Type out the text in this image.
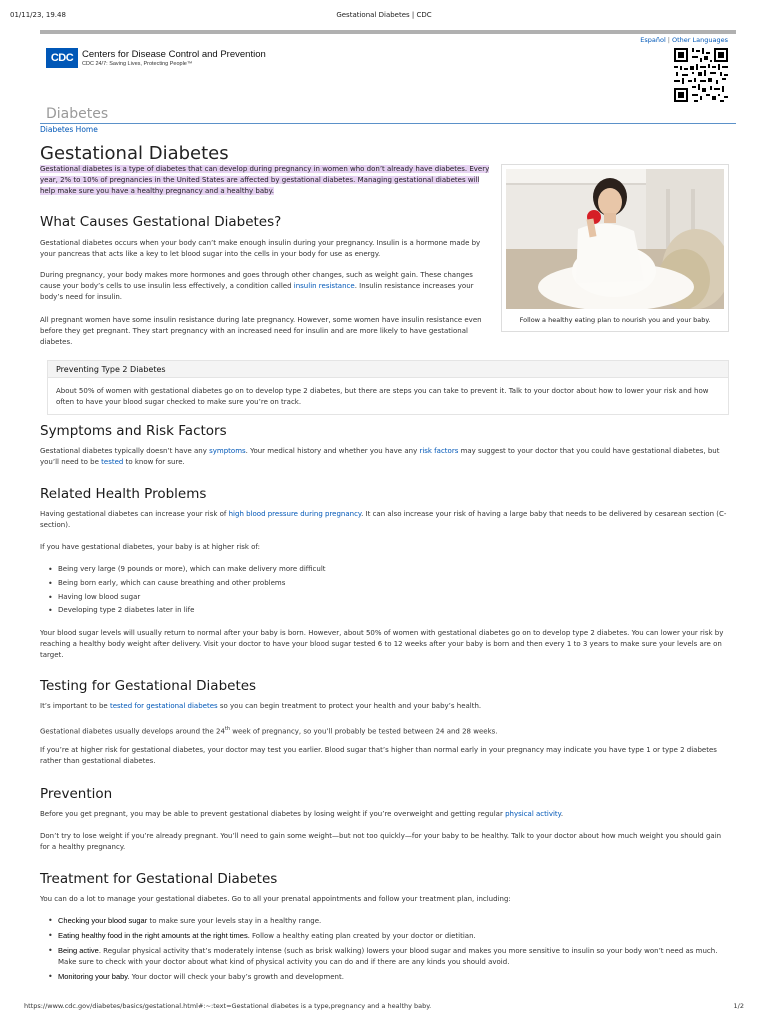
01/11/23, 19.48	Gestational Diabetes | CDC
Español | Other Languages
CDC Centers for Disease Control and Prevention
CDC 24/7: Saving Lives, Protecting People™
Diabetes
Diabetes Home
Gestational Diabetes
Gestational diabetes is a type of diabetes that can develop during pregnancy in women who don’t already have diabetes. Every year, 2% to 10% of pregnancies in the United States are affected by gestational diabetes. Managing gestational diabetes will help make sure you have a healthy pregnancy and a healthy baby.
Follow a healthy eating plan to nourish you and your baby.
What Causes Gestational Diabetes?

Gestational diabetes occurs when your body can’t make enough insulin during your pregnancy. Insulin is a hormone made by your pancreas that acts like a key to let blood sugar into the cells in your body for use as energy.

During pregnancy, your body makes more hormones and goes through other changes, such as weight gain. These changes cause your body’s cells to use insulin less effectively, a condition called insulin resistance. Insulin resistance increases your body’s need for insulin.

All pregnant women have some insulin resistance during late pregnancy. However, some women have insulin resistance even before they get pregnant. They start pregnancy with an increased need for insulin and are more likely to have gestational diabetes.

Preventing Type 2 Diabetes
About 50% of women with gestational diabetes go on to develop type 2 diabetes, but there are steps you can take to prevent it. Talk to your doctor about how to lower your risk and how often to have your blood sugar checked to make sure you’re on track.
Symptoms and Risk Factors

Gestational diabetes typically doesn’t have any symptoms. Your medical history and whether you have any risk factors may suggest to your doctor that you could have gestational diabetes, but you’ll need to be tested to know for sure.

Related Health Problems

Having gestational diabetes can increase your risk of high blood pressure during pregnancy. It can also increase your risk of having a large baby that needs to be delivered by cesarean section (C-section).

If you have gestational diabetes, your baby is at higher risk of:

• Being very large (9 pounds or more), which can make delivery more difficult
• Being born early, which can cause breathing and other problems
• Having low blood sugar
• Developing type 2 diabetes later in life

Your blood sugar levels will usually return to normal after your baby is born. However, about 50% of women with gestational diabetes go on to develop type 2 diabetes. You can lower your risk by reaching a healthy body weight after delivery. Visit your doctor to have your blood sugar tested 6 to 12 weeks after your baby is born and then every 1 to 3 years to make sure your levels are on target.

Testing for Gestational Diabetes

It’s important to be tested for gestational diabetes so you can begin treatment to protect your health and your baby’s health.

Gestational diabetes usually develops around the 24th week of pregnancy, so you’ll probably be tested between 24 and 28 weeks.

If you’re at higher risk for gestational diabetes, your doctor may test you earlier. Blood sugar that’s higher than normal early in your pregnancy may indicate you have type 1 or type 2 diabetes rather than gestational diabetes.

Prevention

Before you get pregnant, you may be able to prevent gestational diabetes by losing weight if you’re overweight and getting regular physical activity.

Don’t try to lose weight if you’re already pregnant. You’ll need to gain some weight—but not too quickly—for your baby to be healthy. Talk to your doctor about how much weight you should gain for a healthy pregnancy.

Treatment for Gestational Diabetes

You can do a lot to manage your gestational diabetes. Go to all your prenatal appointments and follow your treatment plan, including:

• Checking your blood sugar to make sure your levels stay in a healthy range.
• Eating healthy food in the right amounts at the right times. Follow a healthy eating plan created by your doctor or dietitian.
• Being active. Regular physical activity that’s moderately intense (such as brisk walking) lowers your blood sugar and makes you more sensitive to insulin so your body won’t need as much. Make sure to check with your doctor about what kind of physical activity you can do and if there are any kinds you should avoid.
• Monitoring your baby. Your doctor will check your baby’s growth and development.
https://www.cdc.gov/diabetes/basics/gestational.html#:~:text=Gestational diabetes is a type,pregnancy and a healthy baby.	1/2
